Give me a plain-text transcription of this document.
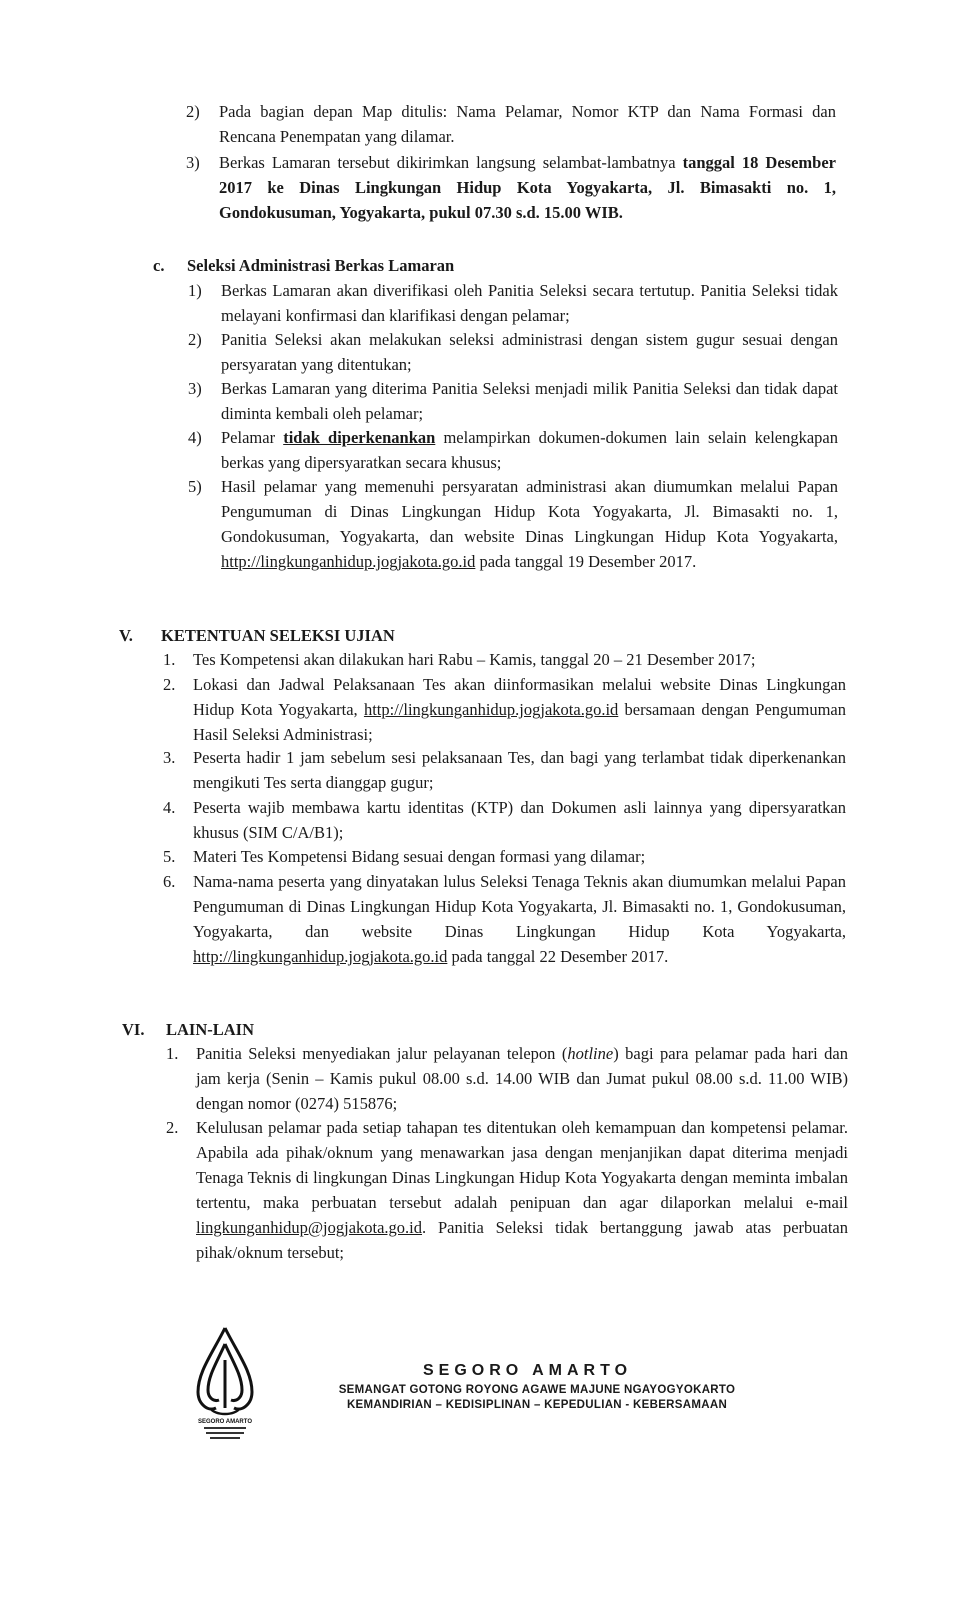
2)	Pada bagian depan Map ditulis: Nama Pelamar, Nomor KTP dan Nama Formasi dan Rencana Penempatan yang dilamar.
3)	Berkas Lamaran tersebut dikirimkan langsung selambat-lambatnya tanggal 18 Desember 2017 ke Dinas Lingkungan Hidup Kota Yogyakarta, Jl. Bimasakti no. 1, Gondokusuman, Yogyakarta, pukul 07.30 s.d. 15.00 WIB.
c. Seleksi Administrasi Berkas Lamaran
1)	Berkas Lamaran akan diverifikasi oleh Panitia Seleksi secara tertutup. Panitia Seleksi tidak melayani konfirmasi dan klarifikasi dengan pelamar;
2)	Panitia Seleksi akan melakukan seleksi administrasi dengan sistem gugur sesuai dengan persyaratan yang ditentukan;
3)	Berkas Lamaran yang diterima Panitia Seleksi menjadi milik Panitia Seleksi dan tidak dapat diminta kembali oleh pelamar;
4)	Pelamar tidak diperkenankan melampirkan dokumen-dokumen lain selain kelengkapan berkas yang dipersyaratkan secara khusus;
5)	Hasil pelamar yang memenuhi persyaratan administrasi akan diumumkan melalui Papan Pengumuman di Dinas Lingkungan Hidup Kota Yogyakarta, Jl. Bimasakti no. 1, Gondokusuman, Yogyakarta, dan website Dinas Lingkungan Hidup Kota Yogyakarta, http://lingkunganhidup.jogjakota.go.id pada tanggal 19 Desember 2017.
V. KETENTUAN SELEKSI UJIAN
1.	Tes Kompetensi akan dilakukan hari Rabu – Kamis, tanggal 20 – 21 Desember 2017;
2.	Lokasi dan Jadwal Pelaksanaan Tes akan diinformasikan melalui website Dinas Lingkungan Hidup Kota Yogyakarta, http://lingkunganhidup.jogjakota.go.id bersamaan dengan Pengumuman Hasil Seleksi Administrasi;
3.	Peserta hadir 1 jam sebelum sesi pelaksanaan Tes, dan bagi yang terlambat tidak diperkenankan mengikuti Tes serta dianggap gugur;
4.	Peserta wajib membawa kartu identitas (KTP) dan Dokumen asli lainnya yang dipersyaratkan khusus (SIM C/A/B1);
5.	Materi Tes Kompetensi Bidang sesuai dengan formasi yang dilamar;
6.	Nama-nama peserta yang dinyatakan lulus Seleksi Tenaga Teknis akan diumumkan melalui Papan Pengumuman di Dinas Lingkungan Hidup Kota Yogyakarta, Jl. Bimasakti no. 1, Gondokusuman, Yogyakarta, dan website Dinas Lingkungan Hidup Kota Yogyakarta, http://lingkunganhidup.jogjakota.go.id pada tanggal 22 Desember 2017.
VI. LAIN-LAIN
1.	Panitia Seleksi menyediakan jalur pelayanan telepon (hotline) bagi para pelamar pada hari dan jam kerja (Senin – Kamis pukul 08.00 s.d. 14.00 WIB dan Jumat pukul 08.00 s.d. 11.00 WIB) dengan nomor (0274) 515876;
2.	Kelulusan pelamar pada setiap tahapan tes ditentukan oleh kemampuan dan kompetensi pelamar. Apabila ada pihak/oknum yang menawarkan jasa dengan menjanjikan dapat diterima menjadi Tenaga Teknis di lingkungan Dinas Lingkungan Hidup Kota Yogyakarta dengan meminta imbalan tertentu, maka perbuatan tersebut adalah penipuan dan agar dilaporkan melalui e-mail lingkunganhidup@jogjakota.go.id. Panitia Seleksi tidak bertanggung jawab atas perbuatan pihak/oknum tersebut;
SEGORO AMARTO
SEGORO AMARTO
SEMANGAT GOTONG ROYONG AGAWE MAJUNE NGAYOGYOKARTO
KEMANDIRIAN – KEDISIPLINAN – KEPEDULIAN - KEBERSAMAAN
